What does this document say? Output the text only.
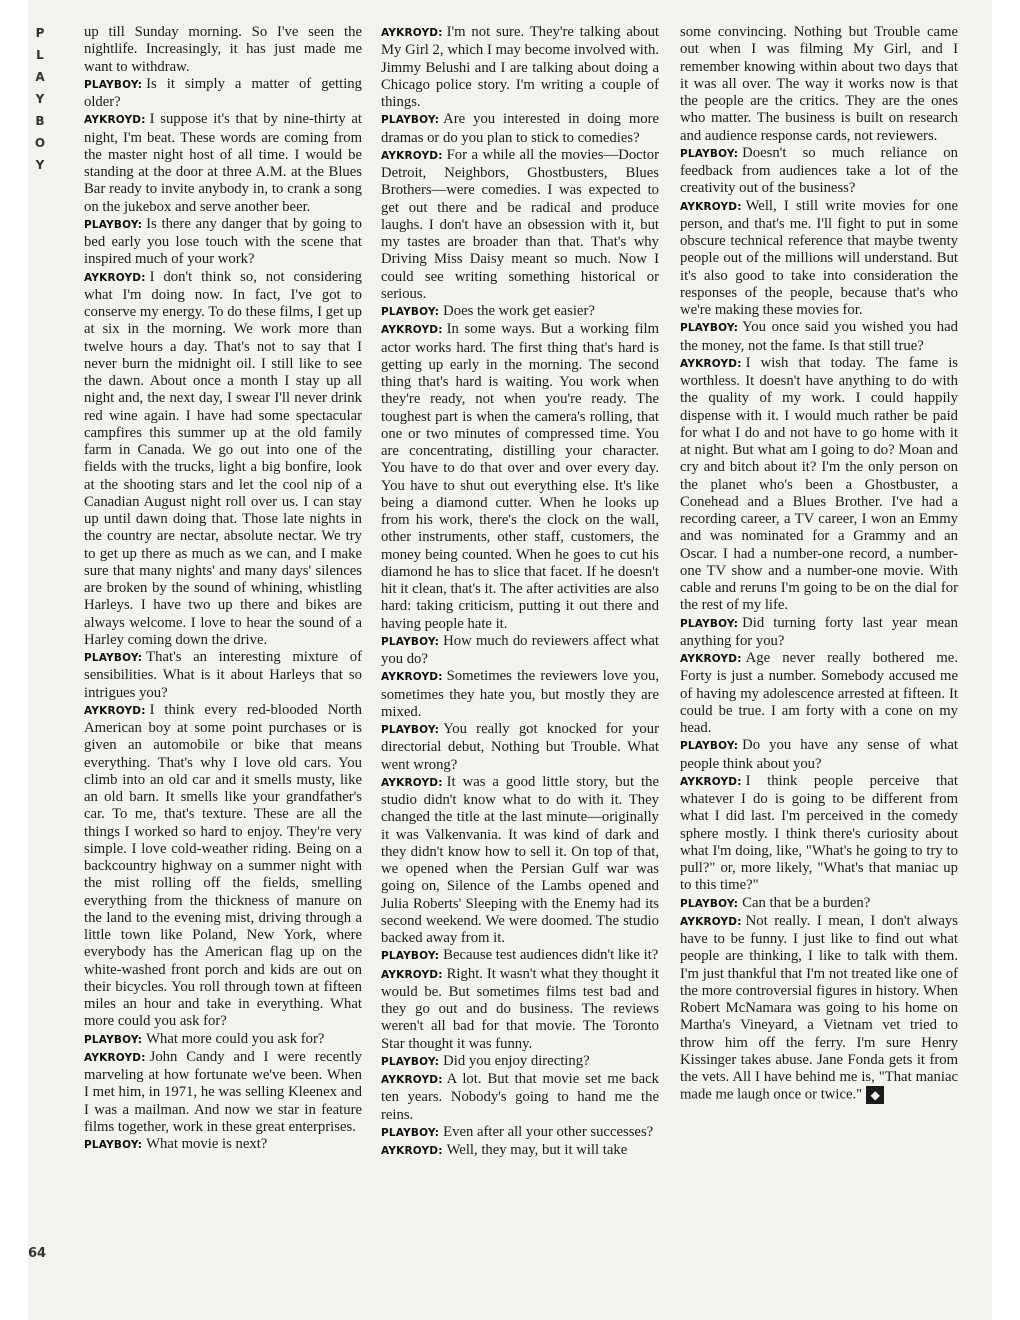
P
L
A
Y
B
O
Y

up till Sunday morning. So I've seen the nightlife. Increasingly, it has just made me want to withdraw.

PLAYBOY: Is it simply a matter of getting older?

AYKROYD: I suppose it's that by nine-thirty at night, I'm beat. These words are coming from the master night host of all time. I would be standing at the door at three A.M. at the Blues Bar ready to invite anybody in, to crank a song on the jukebox and serve another beer.

PLAYBOY: Is there any danger that by going to bed early you lose touch with the scene that inspired much of your work?

AYKROYD: I don't think so, not considering what I'm doing now. In fact, I've got to conserve my energy. To do these films, I get up at six in the morning. We work more than twelve hours a day. That's not to say that I never burn the midnight oil. I still like to see the dawn. About once a month I stay up all night and, the next day, I swear I'll never drink red wine again. I have had some spectacular campfires this summer up at the old family farm in Canada. We go out into one of the fields with the trucks, light a big bonfire, look at the shooting stars and let the cool nip of a Canadian August night roll over us. I can stay up until dawn doing that. Those late nights in the country are nectar, absolute nectar. We try to get up there as much as we can, and I make sure that many nights' and many days' silences are broken by the sound of whining, whistling Harleys. I have two up there and bikes are always welcome. I love to hear the sound of a Harley coming down the drive.

PLAYBOY: That's an interesting mixture of sensibilities. What is it about Harleys that so intrigues you?

AYKROYD: I think every red-blooded North American boy at some point purchases or is given an automobile or bike that means everything. That's why I love old cars. You climb into an old car and it smells musty, like an old barn. It smells like your grandfather's car. To me, that's texture. These are all the things I worked so hard to enjoy. They're very simple. I love cold-weather riding. Being on a backcountry highway on a summer night with the mist rolling off the fields, smelling everything from the thickness of manure on the land to the evening mist, driving through a little town like Poland, New York, where everybody has the American flag up on the white-washed front porch and kids are out on their bicycles. You roll through town at fifteen miles an hour and take in everything. What more could you ask for?

PLAYBOY: What more could you ask for?

AYKROYD: John Candy and I were recently marveling at how fortunate we've been. When I met him, in 1971, he was selling Kleenex and I was a mailman. And now we star in feature films together, work in these great enterprises.

PLAYBOY: What movie is next?

AYKROYD: I'm not sure. They're talking about My Girl 2, which I may become involved with. Jimmy Belushi and I are talking about doing a Chicago police story. I'm writing a couple of things.

PLAYBOY: Are you interested in doing more dramas or do you plan to stick to comedies?

AYKROYD: For a while all the movies—Doctor Detroit, Neighbors, Ghostbusters, Blues Brothers—were comedies. I was expected to get out there and be radical and produce laughs. I don't have an obsession with it, but my tastes are broader than that. That's why Driving Miss Daisy meant so much. Now I could see writing something historical or serious.

PLAYBOY: Does the work get easier?

AYKROYD: In some ways. But a working film actor works hard. The first thing that's hard is getting up early in the morning. The second thing that's hard is waiting. You work when they're ready, not when you're ready. The toughest part is when the camera's rolling, that one or two minutes of compressed time. You are concentrating, distilling your character. You have to do that over and over every day. You have to shut out everything else. It's like being a diamond cutter. When he looks up from his work, there's the clock on the wall, other instruments, other staff, customers, the money being counted. When he goes to cut his diamond he has to slice that facet. If he doesn't hit it clean, that's it. The after activities are also hard: taking criticism, putting it out there and having people hate it.

PLAYBOY: How much do reviewers affect what you do?

AYKROYD: Sometimes the reviewers love you, sometimes they hate you, but mostly they are mixed.

PLAYBOY: You really got knocked for your directorial debut, Nothing but Trouble. What went wrong?

AYKROYD: It was a good little story, but the studio didn't know what to do with it. They changed the title at the last minute—originally it was Valkenvania. It was kind of dark and they didn't know how to sell it. On top of that, we opened when the Persian Gulf war was going on, Silence of the Lambs opened and Julia Roberts' Sleeping with the Enemy had its second weekend. We were doomed. The studio backed away from it.

PLAYBOY: Because test audiences didn't like it?

AYKROYD: Right. It wasn't what they thought it would be. But sometimes films test bad and they go out and do business. The reviews weren't all bad for that movie. The Toronto Star thought it was funny.

PLAYBOY: Did you enjoy directing?

AYKROYD: A lot. But that movie set me back ten years. Nobody's going to hand me the reins.

PLAYBOY: Even after all your other successes?

AYKROYD: Well, they may, but it will take

some convincing. Nothing but Trouble came out when I was filming My Girl, and I remember knowing within about two days that it was all over. The way it works now is that the people are the critics. They are the ones who matter. The business is built on research and audience response cards, not reviewers.

PLAYBOY: Doesn't so much reliance on feedback from audiences take a lot of the creativity out of the business?

AYKROYD: Well, I still write movies for one person, and that's me. I'll fight to put in some obscure technical reference that maybe twenty people out of the millions will understand. But it's also good to take into consideration the responses of the people, because that's who we're making these movies for.

PLAYBOY: You once said you wished you had the money, not the fame. Is that still true?

AYKROYD: I wish that today. The fame is worthless. It doesn't have anything to do with the quality of my work. I could happily dispense with it. I would much rather be paid for what I do and not have to go home with it at night. But what am I going to do? Moan and cry and bitch about it? I'm the only person on the planet who's been a Ghostbuster, a Conehead and a Blues Brother. I've had a recording career, a TV career, I won an Emmy and was nominated for a Grammy and an Oscar. I had a number-one record, a number-one TV show and a number-one movie. With cable and reruns I'm going to be on the dial for the rest of my life.

PLAYBOY: Did turning forty last year mean anything for you?

AYKROYD: Age never really bothered me. Forty is just a number. Somebody accused me of having my adolescence arrested at fifteen. It could be true. I am forty with a cone on my head.

PLAYBOY: Do you have any sense of what people think about you?

AYKROYD: I think people perceive that whatever I do is going to be different from what I did last. I'm perceived in the comedy sphere mostly. I think there's curiosity about what I'm doing, like, "What's he going to try to pull?" or, more likely, "What's that maniac up to this time?"

PLAYBOY: Can that be a burden?

AYKROYD: Not really. I mean, I don't always have to be funny. I just like to find out what people are thinking, I like to talk with them. I'm just thankful that I'm not treated like one of the more controversial figures in history. When Robert McNamara was going to his home on Martha's Vineyard, a Vietnam vet tried to throw him off the ferry. I'm sure Henry Kissinger takes abuse. Jane Fonda gets it from the vets. All I have behind me is, "That maniac made me laugh once or twice." ◆

64
